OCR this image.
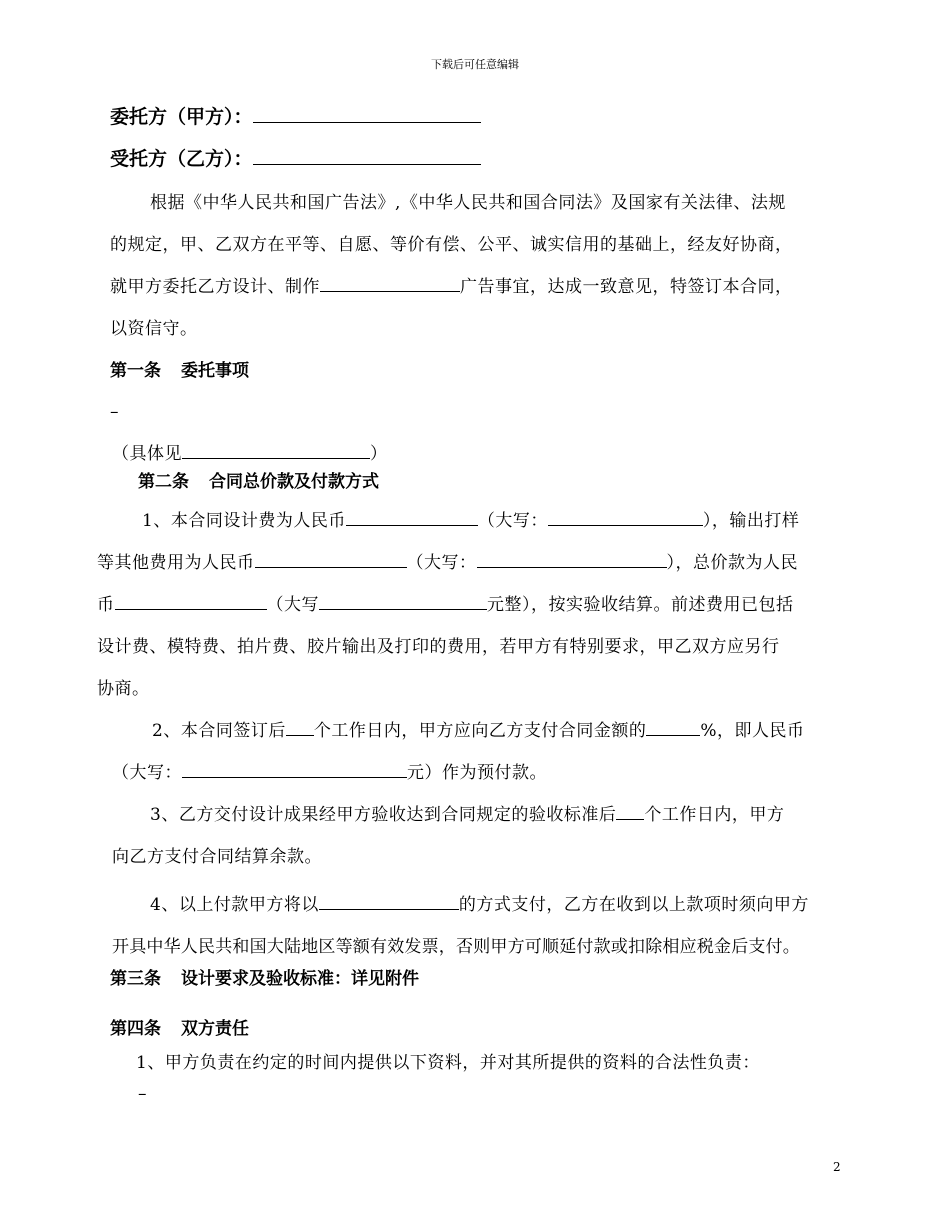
下载后可任意编辑
委托方（甲方）：
受托方（乙方）：
根据《中华人民共和国广告法》,《中华人民共和国合同法》及国家有关法律、法规
的规定，甲、乙双方在平等、自愿、等价有偿、公平、诚实信用的基础上，经友好协商，
就甲方委托乙方设计、制作	广告事宜，达成一致意见，特签订本合同，
以资信守。
第一条 委托事项
–
（具体见	）
第二条 合同总价款及付款方式
1、本合同设计费为人民币	（大写：	），输出打样
等其他费用为人民币	（大写：	），总价款为人民
币	（大写	元整），按实验收结算。前述费用已包括
设计费、模特费、拍片费、胶片输出及打印的费用，若甲方有特别要求，甲乙双方应另行
协商。
2、本合同签订后 个工作日内，甲方应向乙方支付合同金额的	%，即人民币
（大写：	元）作为预付款。
3、乙方交付设计成果经甲方验收达到合同规定的验收标准后 个工作日内，甲方
向乙方支付合同结算余款。
4、以上付款甲方将以	的方式支付，乙方在收到以上款项时须向甲方
开具中华人民共和国大陆地区等额有效发票，否则甲方可顺延付款或扣除相应税金后支付。
第三条 设计要求及验收标准：详见附件
第四条 双方责任
1、甲方负责在约定的时间内提供以下资料，并对其所提供的资料的合法性负责：
–
2
